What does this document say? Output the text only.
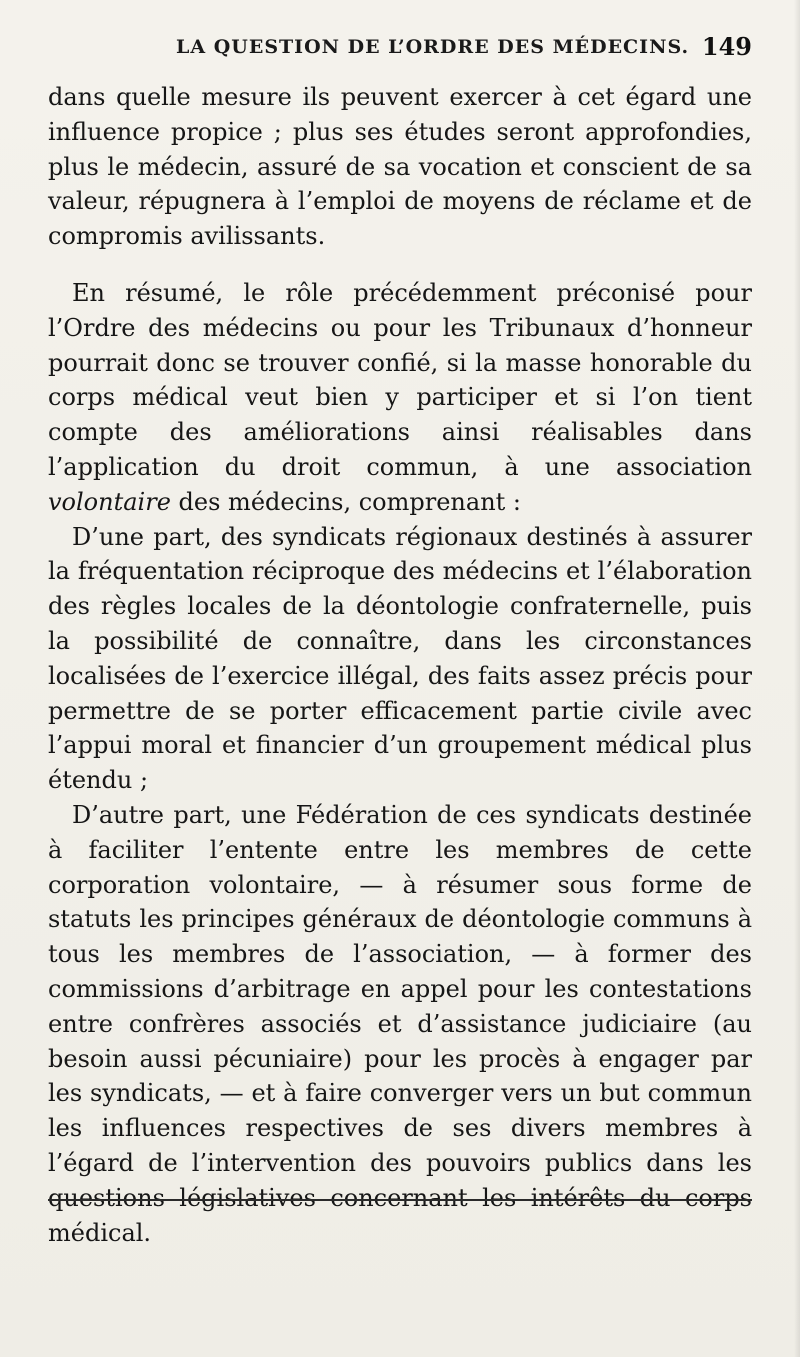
LA QUESTION DE L’ORDRE DES MÉDECINS. 149

dans quelle mesure ils peuvent exercer à cet égard une influence propice ; plus ses études seront approfondies, plus le médecin, assuré de sa vocation et conscient de sa valeur, répugnera à l’emploi de moyens de réclame et de compromis avilissants.

En résumé, le rôle précédemment préconisé pour l’Ordre des médecins ou pour les Tribunaux d’honneur pourrait donc se trouver confié, si la masse honorable du corps médical veut bien y participer et si l’on tient compte des améliorations ainsi réalisables dans l’application du droit commun, à une association volontaire des médecins, comprenant :

D’une part, des syndicats régionaux destinés à assurer la fréquentation réciproque des médecins et l’élaboration des règles locales de la déontologie confraternelle, puis la possibilité de connaître, dans les circonstances localisées de l’exercice illégal, des faits assez précis pour permettre de se porter efficacement partie civile avec l’appui moral et financier d’un groupement médical plus étendu ;

D’autre part, une Fédération de ces syndicats destinée à faciliter l’entente entre les membres de cette corporation volontaire, — à résumer sous forme de statuts les principes généraux de déontologie communs à tous les membres de l’association, — à former des commissions d’arbitrage en appel pour les contestations entre confrères associés et d’assistance judiciaire (au besoin aussi pécuniaire) pour les procès à engager par les syndicats, — et à faire converger vers un but commun les influences respectives de ses divers membres à l’égard de l’intervention des pouvoirs publics dans les questions législatives concernant les intérêts du corps médical.
